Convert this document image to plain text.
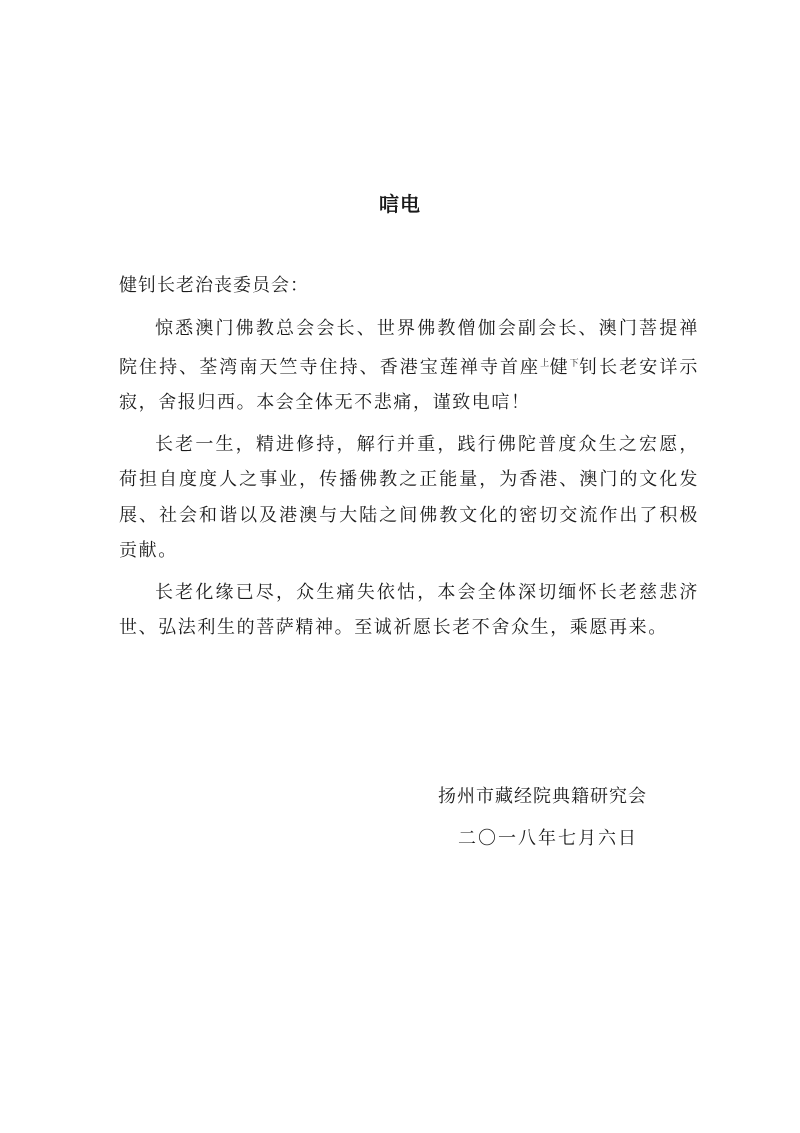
唁电
健钊长老治丧委员会：

惊悉澳门佛教总会会长、世界佛教僧伽会副会长、澳门菩提禅院住持、荃湾南天竺寺住持、香港宝莲禅寺首座$^上$健$^下$钊长老安详示寂，舍报归西。本会全体无不悲痛，谨致电唁！

长老一生，精进修持，解行并重，践行佛陀普度众生之宏愿，荷担自度度人之事业，传播佛教之正能量，为香港、澳门的文化发展、社会和谐以及港澳与大陆之间佛教文化的密切交流作出了积极贡献。

长老化缘已尽，众生痛失依怙，本会全体深切缅怀长老慈悲济世、弘法利生的菩萨精神。至诚祈愿长老不舍众生，乘愿再来。

扬州市藏经院典籍研究会
二〇一八年七月六日
